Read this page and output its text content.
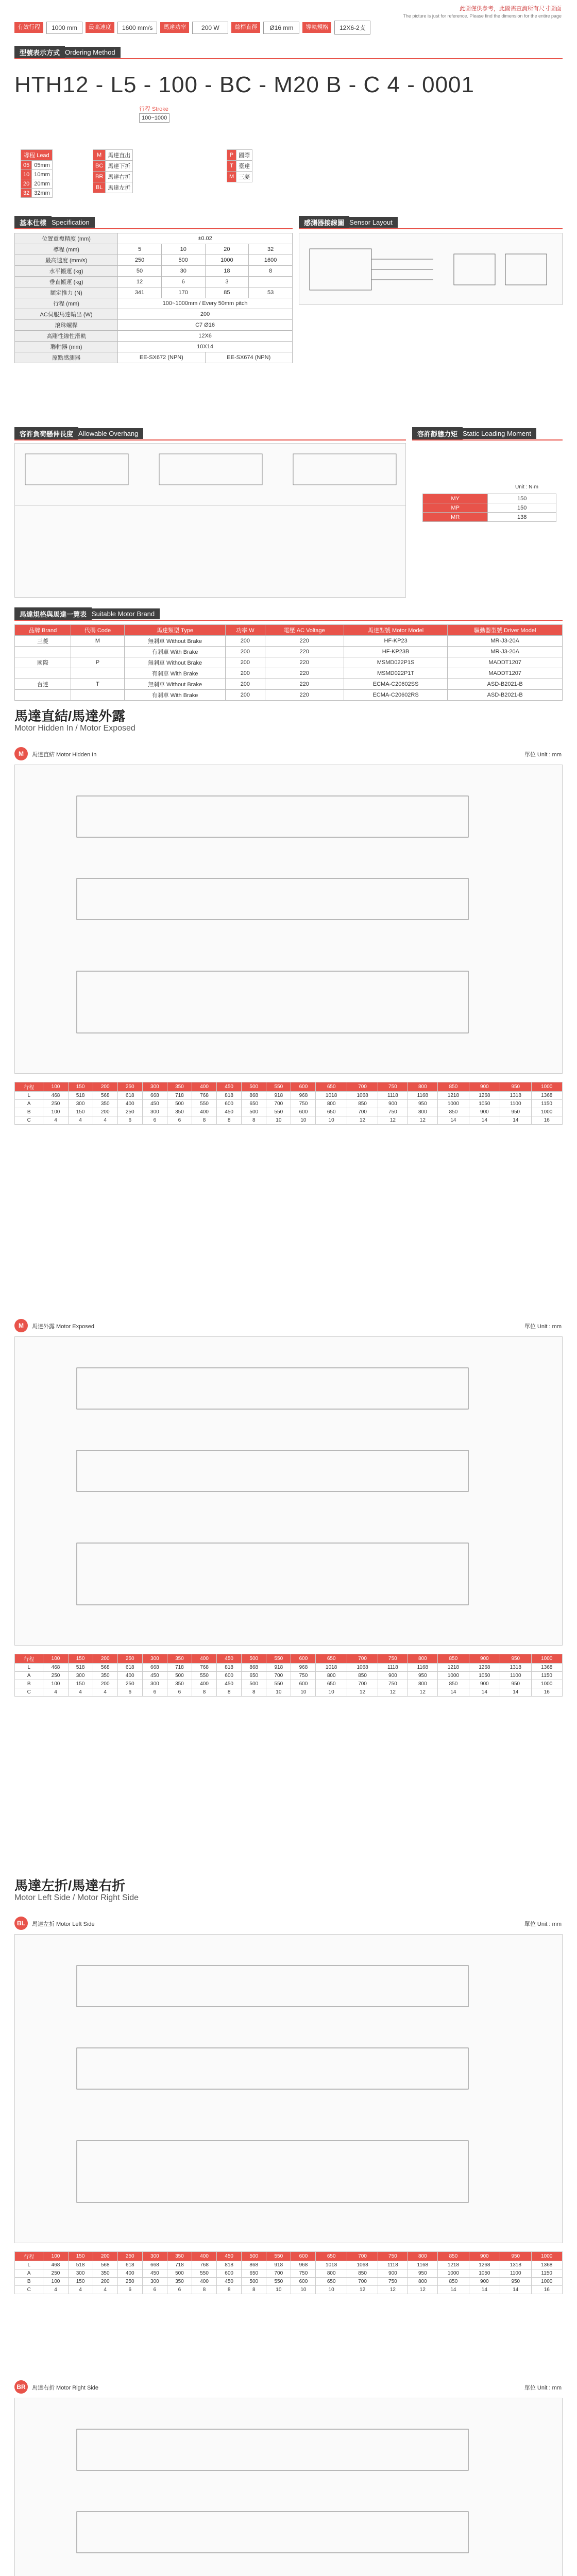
此圖僅供參考，此圖需查詢所有尺寸圖面
The picture is just for reference. Please find the dimension for the entire page
有效行程	1000 mm	最高速度	1600 mm/s	馬達功率	200 W	絲桿直徑	Ø16 mm	導軌規格	12X6-2支
型號表示方式 Ordering Method
HTH12 - L5 - 100 - BC - M20 B - C 4 - 0001
行程 Stroke
100~1000
導程 Lead	
05	05mm
10	10mm
20	20mm
32	32mm
M	馬達直出
BC	馬達下折
BR	馬達右折
BL	馬達左折
P	國際
T	臺達
M	三菱
基本仕樣 Specification
位置重複精度 (mm)	±0.02			
導程 (mm)	5	10	20	32
最高速度 (mm/s)	250	500	1000	1600
水平搬運 (kg)	50	30	18	8
垂直搬運 (kg)	12	6	3	
額定推力 (N)	341	170	85	53
行程 (mm)	100~1000mm / Every 50mm pitch			
AC伺服馬達輸出 (W)	200			
滾珠螺桿	C7 Ø16			
高剛性線性滑軌	12X6			
聯軸器 (mm)	10X14			
原點感測器	EE-SX672 (NPN)		EE-SX674 (NPN)	
感測器接線圖 Sensor Layout
容許負荷懸伸長度 Allowable Overhang	容許靜態力矩 Static Loading Moment
Unit : N·m
MY	150
MP	150
MR	138
馬達規格與馬達一覽表 Suitable Motor Brand
品牌 Brand	代碼 Code	馬達類型 Type	功率 W	電壓 AC Voltage	馬達型號 Motor Model	驅動器型號 Driver Model
三菱	M	無剎車 Without Brake	200	220	HF-KP23	MR-J3-20A
		有剎車 With Brake	200	220	HF-KP23B	MR-J3-20A
國際	P	無剎車 Without Brake	200	220	MSMD022P1S	MADDT1207
		有剎車 With Brake	200	220	MSMD022P1T	MADDT1207
台達	T	無剎車 Without Brake	200	220	ECMA-C20602SS	ASD-B2021-B
		有剎車 With Brake	200	220	ECMA-C20602RS	ASD-B2021-B
馬達直結/馬達外露
Motor Hidden In / Motor Exposed
M	馬達直結 Motor Hidden In	單位 Unit : mm
行程	100	150	200	250	300	350	400	450	500	550	600	650	700	750	800	850	900	950	1000
L	468	518	568	618	668	718	768	818	868	918	968	1018	1068	1118	1168	1218	1268	1318	1368
A	250	300	350	400	450	500	550	600	650	700	750	800	850	900	950	1000	1050	1100	1150
B	100	150	200	250	300	350	400	450	500	550	600	650	700	750	800	850	900	950	1000
C	4	4	4	6	6	6	8	8	8	10	10	10	12	12	12	14	14	14	16
M	馬達外露 Motor Exposed	單位 Unit : mm
行程	100	150	200	250	300	350	400	450	500	550	600	650	700	750	800	850	900	950	1000
L	468	518	568	618	668	718	768	818	868	918	968	1018	1068	1118	1168	1218	1268	1318	1368
A	250	300	350	400	450	500	550	600	650	700	750	800	850	900	950	1000	1050	1100	1150
B	100	150	200	250	300	350	400	450	500	550	600	650	700	750	800	850	900	950	1000
C	4	4	4	6	6	6	8	8	8	10	10	10	12	12	12	14	14	14	16
BL	馬達左折 Motor Left Side	單位 Unit : mm
行程	100	150	200	250	300	350	400	450	500	550	600	650	700	750	800	850	900	950	1000
L	468	518	568	618	668	718	768	818	868	918	968	1018	1068	1118	1168	1218	1268	1318	1368
A	250	300	350	400	450	500	550	600	650	700	750	800	850	900	950	1000	1050	1100	1150
B	100	150	200	250	300	350	400	450	500	550	600	650	700	750	800	850	900	950	1000
C	4	4	4	6	6	6	8	8	8	10	10	10	12	12	12	14	14	14	16
BR	馬達右折 Motor Right Side	單位 Unit : mm

馬達左折/馬達右折
Motor Left Side / Motor Right Side
